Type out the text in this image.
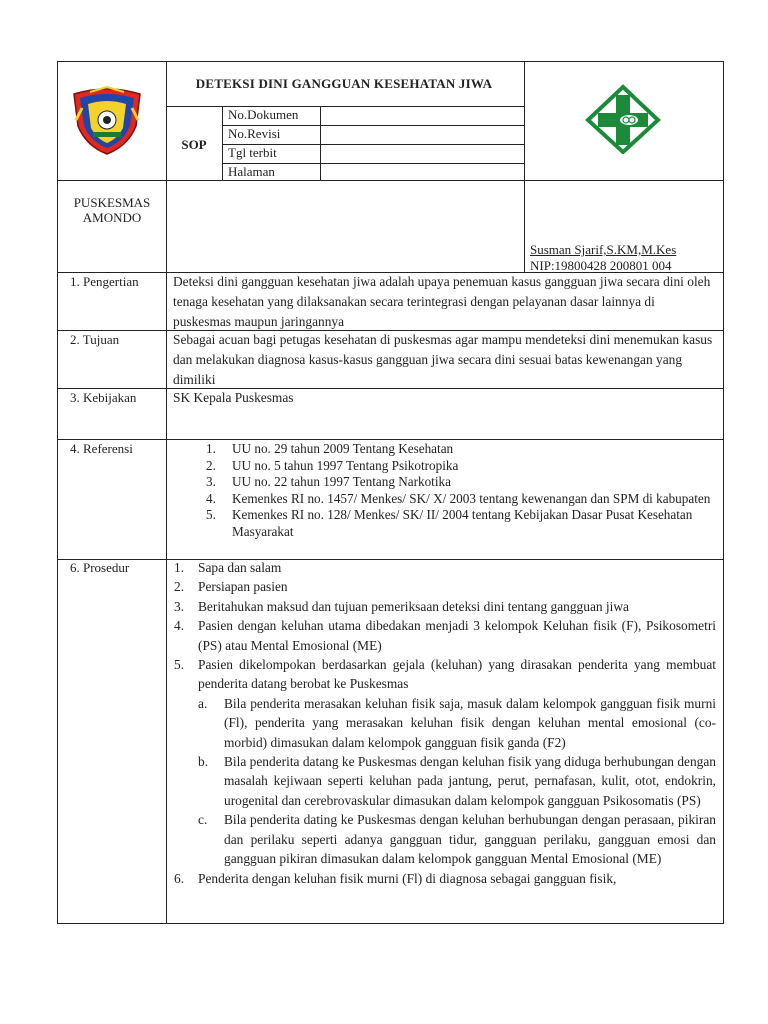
DETEKSI DINI GANGGUAN KESEHATAN JIWA
SOP
No.Dokumen
No.Revisi
Tgl terbit
Halaman
PUSKESMAS
AMONDO
Susman Sjarif,S.KM,M.Kes
NIP:19800428 200801 004
1. Pengertian	Deteksi dini gangguan kesehatan jiwa adalah upaya penemuan kasus gangguan jiwa secara dini oleh tenaga kesehatan yang dilaksanakan secara terintegrasi dengan pelayanan dasar lainnya di puskesmas maupun jaringannya
2. Tujuan	Sebagai acuan bagi petugas kesehatan di puskesmas agar mampu mendeteksi dini menemukan kasus dan melakukan diagnosa kasus-kasus gangguan jiwa secara dini sesuai batas kewenangan yang dimiliki
3. Kebijakan	SK Kepala Puskesmas
4. Referensi	1.	UU no. 29 tahun 2009 Tentang Kesehatan
2.	UU no. 5 tahun 1997 Tentang Psikotropika
3.	UU no. 22 tahun 1997 Tentang Narkotika
4.	Kemenkes RI no. 1457/ Menkes/ SK/ X/ 2003 tentang kewenangan dan SPM di kabupaten
5.	Kemenkes RI no. 128/ Menkes/ SK/ II/ 2004 tentang Kebijakan Dasar Pusat Kesehatan Masyarakat
6. Prosedur	1.	Sapa dan salam
2.	Persiapan pasien
3.	Beritahukan maksud dan tujuan pemeriksaan deteksi dini tentang gangguan jiwa
4.	Pasien dengan keluhan utama dibedakan menjadi 3 kelompok Keluhan fisik (F), Psikosometri (PS) atau Mental Emosional (ME)
5.	Pasien dikelompokan berdasarkan gejala (keluhan) yang dirasakan penderita yang membuat penderita datang berobat ke Puskesmas
a.	Bila penderita merasakan keluhan fisik saja, masuk dalam kelompok gangguan fisik murni (Fl), penderita yang merasakan keluhan fisik dengan keluhan mental emosional (co-morbid) dimasukan dalam kelompok gangguan fisik ganda (F2)
b.	Bila penderita datang ke Puskesmas dengan keluhan fisik yang diduga berhubungan dengan masalah kejiwaan seperti keluhan pada jantung, perut, pernafasan, kulit, otot, endokrin, urogenital dan cerebrovaskular dimasukan dalam kelompok gangguan Psikosomatis (PS)
c.	Bila penderita dating ke Puskesmas dengan keluhan berhubungan dengan perasaan, pikiran dan perilaku seperti adanya gangguan tidur, gangguan perilaku, gangguan emosi dan gangguan pikiran dimasukan dalam kelompok gangguan Mental Emosional (ME)
6.	Penderita dengan keluhan fisik murni (Fl) di diagnosa sebagai gangguan fisik,
